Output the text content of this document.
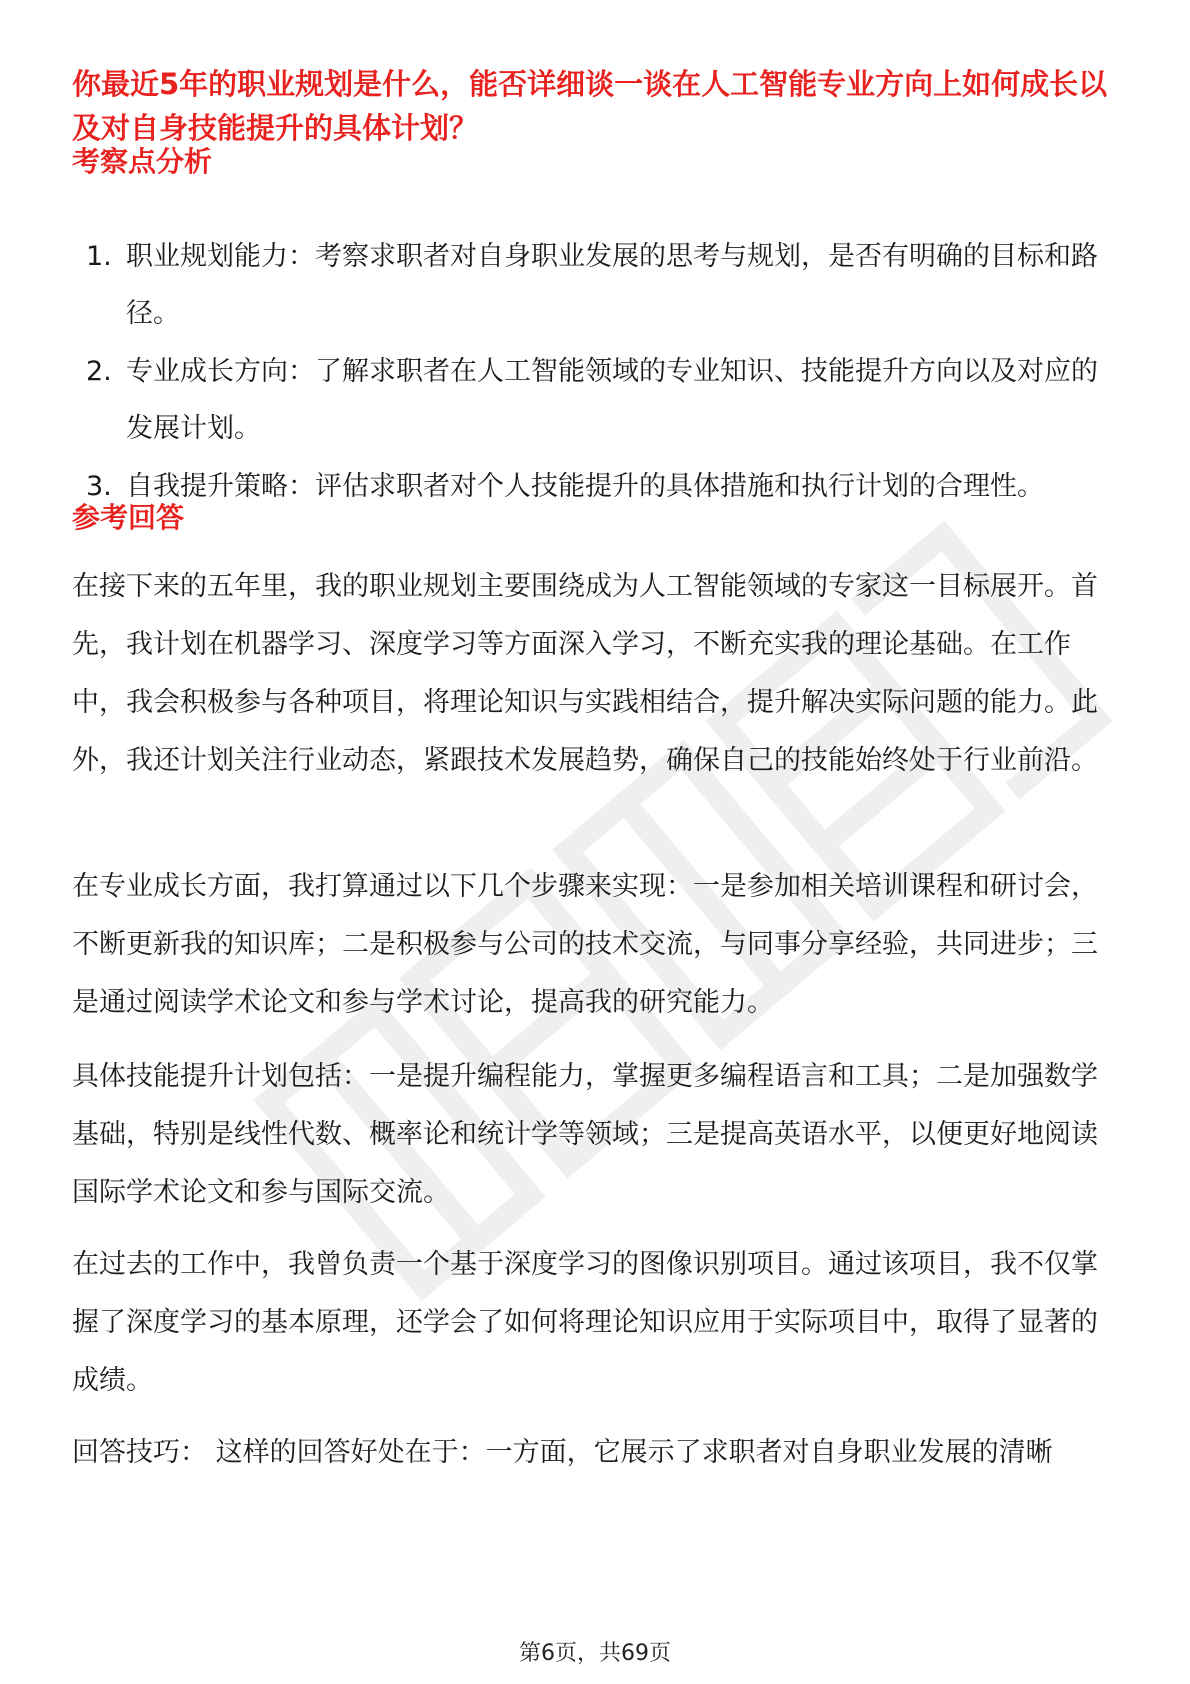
你最近5年的职业规划是什么，能否详细谈一谈在人工智能专业方向上如何成长以及对自身技能提升的具体计划？
考察点分析
1. 职业规划能力：考察求职者对自身职业发展的思考与规划，是否有明确的目标和路径。
2. 专业成长方向：了解求职者在人工智能领域的专业知识、技能提升方向以及对应的发展计划。
3. 自我提升策略：评估求职者对个人技能提升的具体措施和执行计划的合理性。
参考回答

在接下来的五年里，我的职业规划主要围绕成为人工智能领域的专家这一目标展开。首先，我计划在机器学习、深度学习等方面深入学习，不断充实我的理论基础。在工作中，我会积极参与各种项目，将理论知识与实践相结合，提升解决实际问题的能力。此外，我还计划关注行业动态，紧跟技术发展趋势，确保自己的技能始终处于行业前沿。

在专业成长方面，我打算通过以下几个步骤来实现：一是参加相关培训课程和研讨会，不断更新我的知识库；二是积极参与公司的技术交流，与同事分享经验，共同进步；三是通过阅读学术论文和参与学术讨论，提高我的研究能力。

具体技能提升计划包括：一是提升编程能力，掌握更多编程语言和工具；二是加强数学基础，特别是线性代数、概率论和统计学等领域；三是提高英语水平，以便更好地阅读国际学术论文和参与国际交流。

在过去的工作中，我曾负责一个基于深度学习的图像识别项目。通过该项目，我不仅掌握了深度学习的基本原理，还学会了如何将理论知识应用于实际项目中，取得了显著的成绩。

回答技巧： 这样的回答好处在于：一方面，它展示了求职者对自身职业发展的清晰

第6页，共69页
